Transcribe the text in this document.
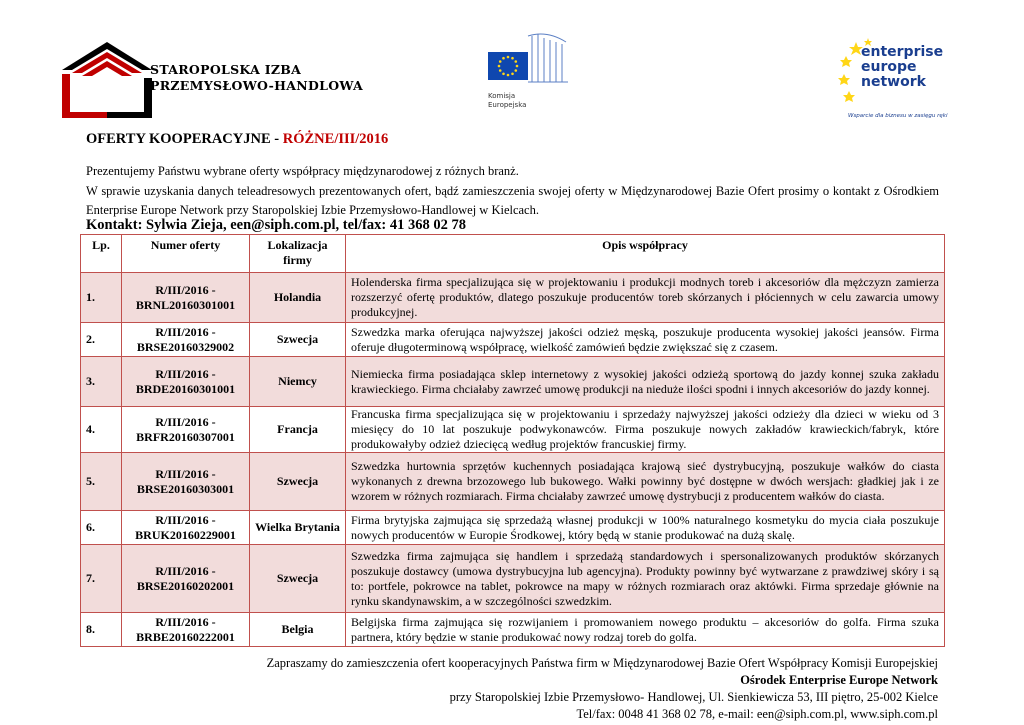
STAROPOLSKA IZBA
PRZEMYSŁOWO-HANDLOWA
Komisja
Europejska
enterprise
europe
network
Wsparcie dla biznesu w zasięgu ręki
OFERTY KOOPERACYJNE - RÓŻNE/III/2016

Prezentujemy Państwu wybrane oferty współpracy międzynarodowej z różnych branż.

W sprawie uzyskania danych teleadresowych prezentowanych ofert, bądź zamieszczenia swojej oferty w Międzynarodowej Bazie Ofert prosimy o kontakt z Ośrodkiem Enterprise Europe Network przy Staropolskiej Izbie Przemysłowo-Handlowej w Kielcach.

Kontakt: Sylwia Zieja, een@siph.com.pl, tel/fax: 41 368 02 78
Lp.	Numer oferty	Lokalizacja firmy	Opis współpracy
1.	R/III/2016 -
BRNL20160301001	Holandia	Holenderska firma specjalizująca się w projektowaniu i produkcji modnych toreb i akcesoriów dla mężczyzn zamierza rozszerzyć ofertę produktów, dlatego poszukuje producentów toreb skórzanych i płóciennych w celu zawarcia umowy produkcyjnej.
2.	R/III/2016 -
BRSE20160329002	Szwecja	Szwedzka marka oferująca najwyższej jakości odzież męską, poszukuje producenta wysokiej jakości jeansów. Firma oferuje długoterminową współpracę, wielkość zamówień będzie zwiększać się z czasem.
3.	R/III/2016 -
BRDE20160301001	Niemcy	Niemiecka firma posiadająca sklep internetowy z wysokiej jakości odzieżą sportową do jazdy konnej szuka zakładu krawieckiego. Firma chciałaby zawrzeć umowę produkcji na nieduże ilości spodni i innych akcesoriów do jazdy konnej.
4.	R/III/2016 -
BRFR20160307001	Francja	Francuska firma specjalizująca się w projektowaniu i sprzedaży najwyższej jakości odzieży dla dzieci w wieku od 3 miesięcy do 10 lat poszukuje podwykonawców. Firma poszukuje nowych zakładów krawieckich/fabryk, które produkowałyby odzież dziecięcą według projektów francuskiej firmy.
5.	R/III/2016 -
BRSE20160303001	Szwecja	Szwedzka hurtownia sprzętów kuchennych posiadająca krajową sieć dystrybucyjną, poszukuje wałków do ciasta wykonanych z drewna brzozowego lub bukowego. Wałki powinny być dostępne w dwóch wersjach: gładkiej jak i ze wzorem w różnych rozmiarach. Firma chciałaby zawrzeć umowę dystrybucji z producentem wałków do ciasta.
6.	R/III/2016 -
BRUK20160229001	Wielka Brytania	Firma brytyjska zajmująca się sprzedażą własnej produkcji w 100% naturalnego kosmetyku do mycia ciała poszukuje nowych producentów w Europie Środkowej, który będą w stanie produkować na dużą skalę.
7.	R/III/2016 -
BRSE20160202001	Szwecja	Szwedzka firma zajmująca się handlem i sprzedażą standardowych i spersonalizowanych produktów skórzanych poszukuje dostawcy (umowa dystrybucyjna lub agencyjna). Produkty powinny być wytwarzane z prawdziwej skóry i są to: portfele, pokrowce na tablet, pokrowce na mapy w różnych rozmiarach oraz aktówki. Firma sprzedaje głównie na rynku skandynawskim, a w szczególności szwedzkim.
8.	R/III/2016 -
BRBE20160222001	Belgia	Belgijska firma zajmująca się rozwijaniem i promowaniem nowego produktu – akcesoriów do golfa. Firma szuka partnera, który będzie w stanie produkować nowy rodzaj toreb do golfa.
Zapraszamy do zamieszczenia ofert kooperacyjnych Państwa firm w Międzynarodowej Bazie Ofert Współpracy Komisji Europejskiej
Ośrodek Enterprise Europe Network
przy Staropolskiej Izbie Przemysłowo- Handlowej, Ul. Sienkiewicza 53, III piętro, 25-002 Kielce
Tel/fax: 0048 41 368 02 78, e-mail: een@siph.com.pl, www.siph.com.pl
